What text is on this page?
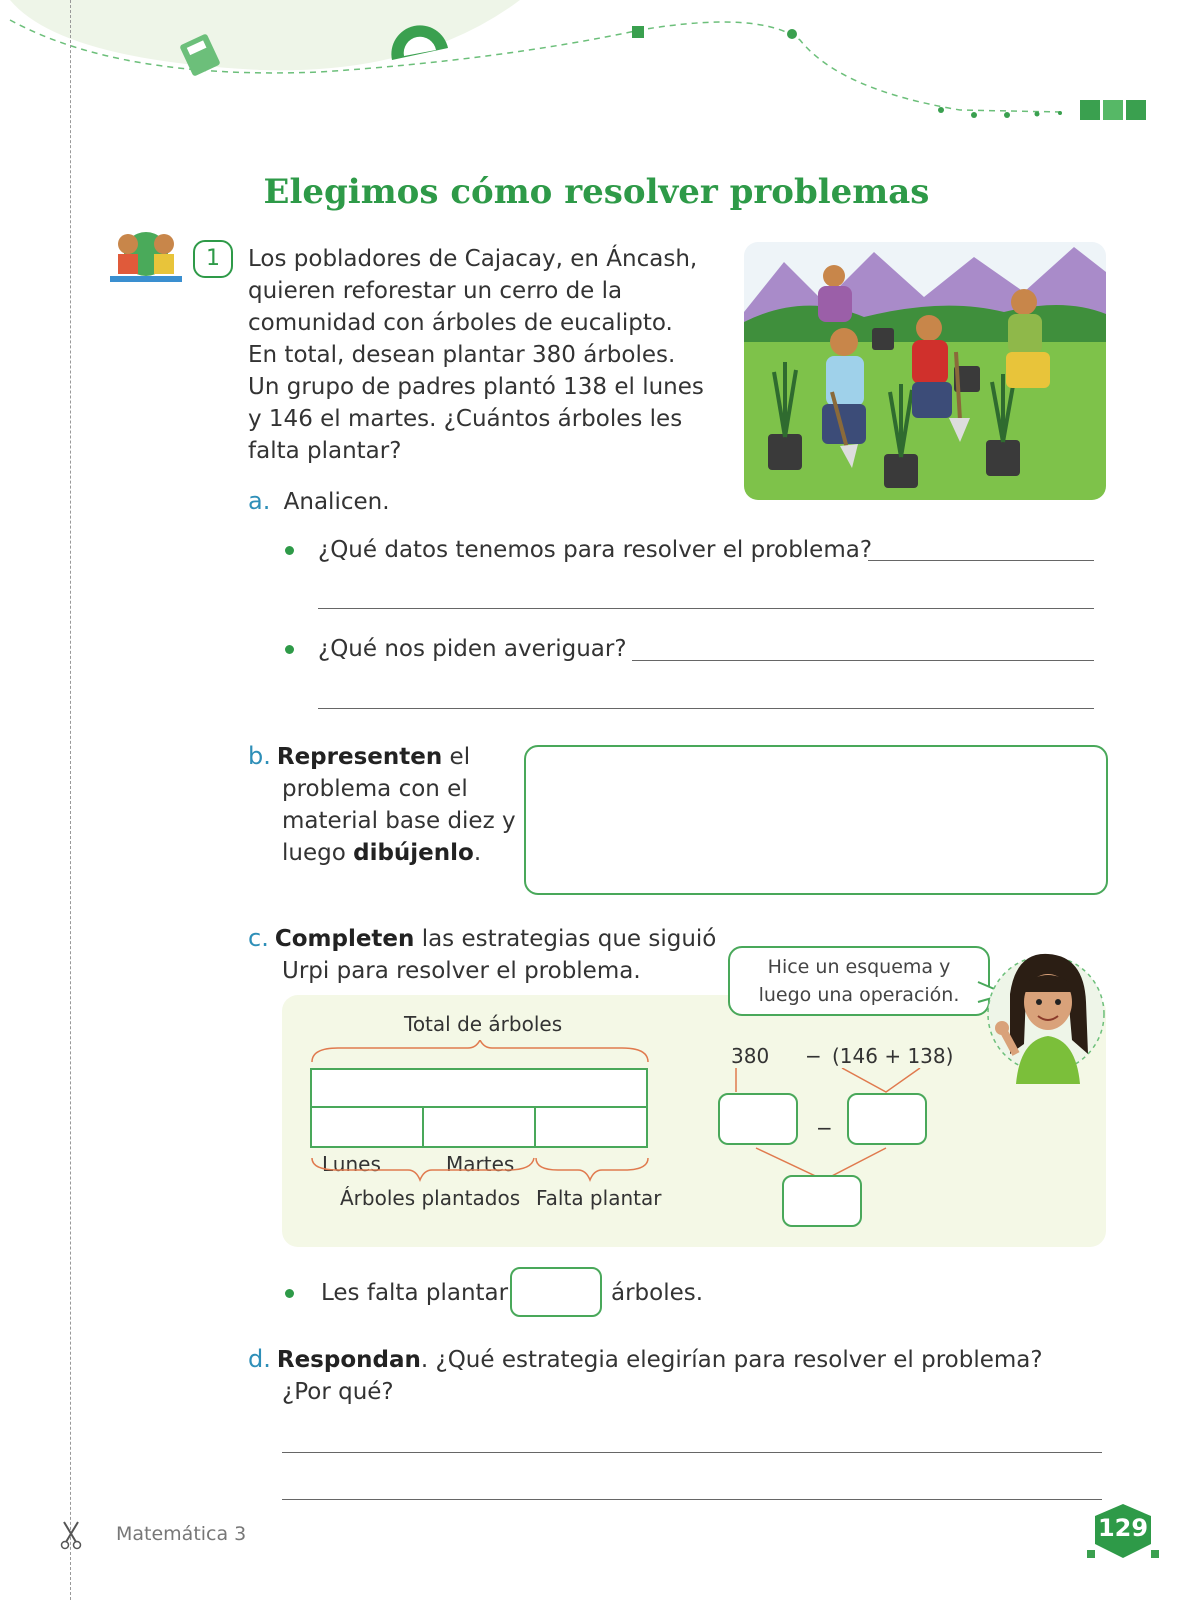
Elegimos cómo resolver problemas
1	Los pobladores de Cajacay, en Áncash,
quieren reforestar un cerro de la
comunidad con árboles de eucalipto.
En total, desean plantar 380 árboles.
Un grupo de padres plantó 138 el lunes
y 146 el martes. ¿Cuántos árboles les
falta plantar?
a. Analicen.
¿Qué datos tenemos para resolver el problema?
¿Qué nos piden averiguar?
b. Representen el
problema con el
material base diez y
luego dibújenlo.
c. Completen las estrategias que siguió
Urpi para resolver el problema.	Hice un esquema y
luego una operación.
Total de árboles
Lunes	Martes
Árboles plantados Falta plantar
380 − (146 + 138)
−
Les falta plantar	árboles.
d. Respondan. ¿Qué estrategia elegirían para resolver el problema?
¿Por qué?
Matemática 3	129
